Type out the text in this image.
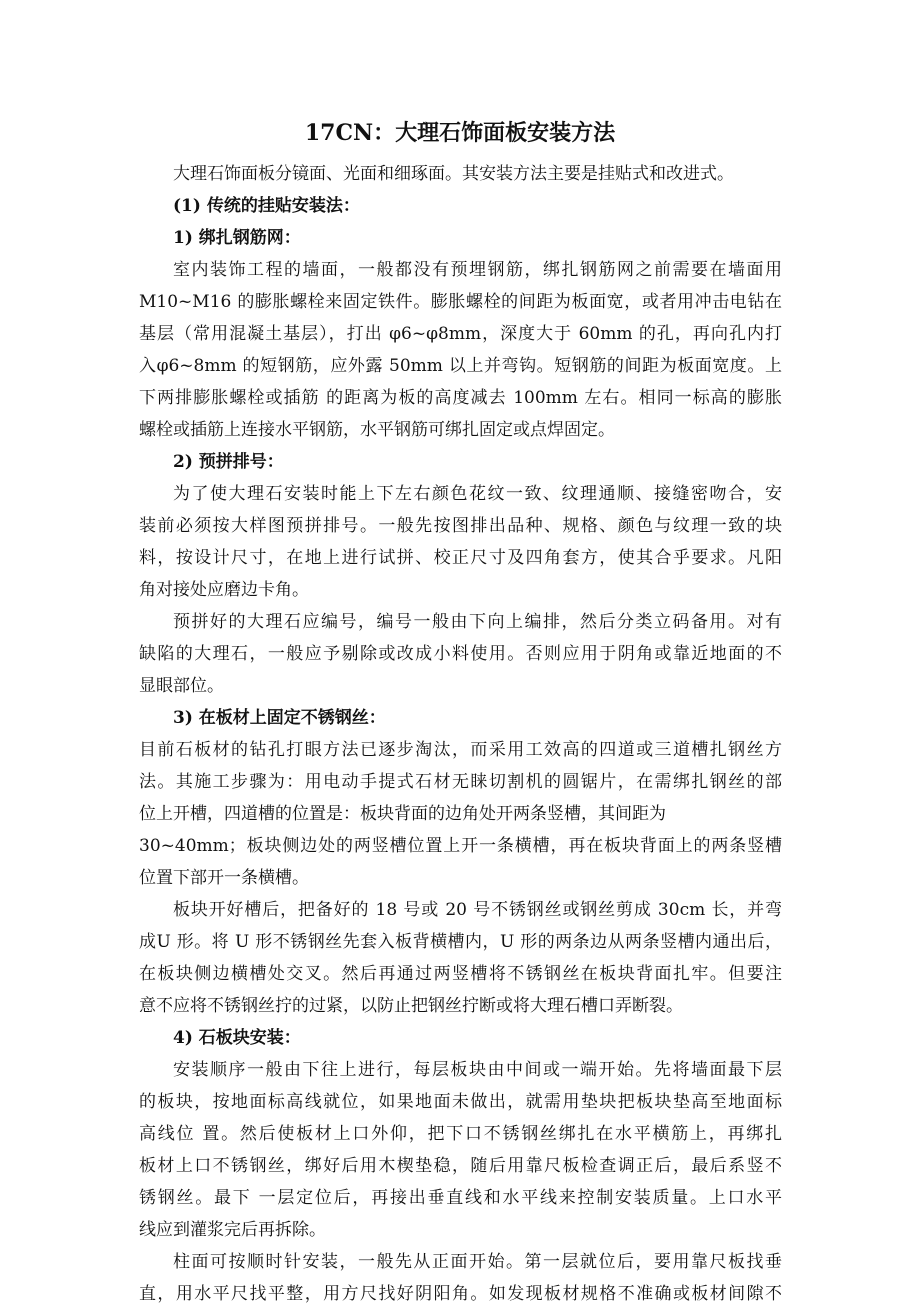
17CN：大理石饰面板安装方法
大理石饰面板分镜面、光面和细琢面。其安装方法主要是挂贴式和改进式。
(1) 传统的挂贴安装法：
1) 绑扎钢筋网：
室内装饰工程的墙面，一般都没有预埋钢筋，绑扎钢筋网之前需要在墙面用
M10~M16 的膨胀螺栓来固定铁件。膨胀螺栓的间距为板面宽，或者用冲击电钻在
基层（常用混凝土基层），打出 φ6~φ8mm，深度大于 60mm 的孔，再向孔内打
入φ6~8mm 的短钢筋，应外露 50mm 以上并弯钩。短钢筋的间距为板面宽度。上
下两排膨胀螺栓或插筋 的距离为板的高度减去 100mm 左右。相同一标高的膨胀
螺栓或插筋上连接水平钢筋，水平钢筋可绑扎固定或点焊固定。
2) 预拼排号：
为了使大理石安装时能上下左右颜色花纹一致、纹理通顺、接缝密吻合，安
装前必须按大样图预拼排号。一般先按图排出品种、规格、颜色与纹理一致的块
料，按设计尺寸，在地上进行试拼、校正尺寸及四角套方，使其合乎要求。凡阳
角对接处应磨边卡角。
预拼好的大理石应编号，编号一般由下向上编排，然后分类立码备用。对有
缺陷的大理石，一般应予剔除或改成小料使用。否则应用于阴角或靠近地面的不
显眼部位。
3) 在板材上固定不锈钢丝：
目前石板材的钻孔打眼方法已逐步淘汰，而采用工效高的四道或三道槽扎钢丝方
法。其施工步骤为：用电动手提式石材无睐切割机的圆锯片，在需绑扎钢丝的部
位上开槽，四道槽的位置是：板块背面的边角处开两条竖槽，其间距为
30~40mm；板块侧边处的两竖槽位置上开一条横槽，再在板块背面上的两条竖槽
位置下部开一条横槽。
板块开好槽后，把备好的 18 号或 20 号不锈钢丝或钢丝剪成 30cm 长，并弯
成U 形。将 U 形不锈钢丝先套入板背横槽内，U 形的两条边从两条竖槽内通出后，
在板块侧边横槽处交叉。然后再通过两竖槽将不锈钢丝在板块背面扎牢。但要注
意不应将不锈钢丝拧的过紧，以防止把钢丝拧断或将大理石槽口弄断裂。
4) 石板块安装：
安装顺序一般由下往上进行，每层板块由中间或一端开始。先将墙面最下层
的板块，按地面标高线就位，如果地面未做出，就需用垫块把板块垫高至地面标
高线位 置。然后使板材上口外仰，把下口不锈钢丝绑扎在水平横筋上，再绑扎
板材上口不锈钢丝，绑好后用木楔垫稳，随后用靠尺板检查调正后，最后系竖不
锈钢丝。最下 一层定位后，再接出垂直线和水平线来控制安装质量。上口水平
线应到灌浆完后再拆除。
柱面可按顺时针安装，一般先从正面开始。第一层就位后，要用靠尺板找垂
直，用水平尺找平整，用方尺找好阴阳角。如发现板材规格不准确或板材间隙不
